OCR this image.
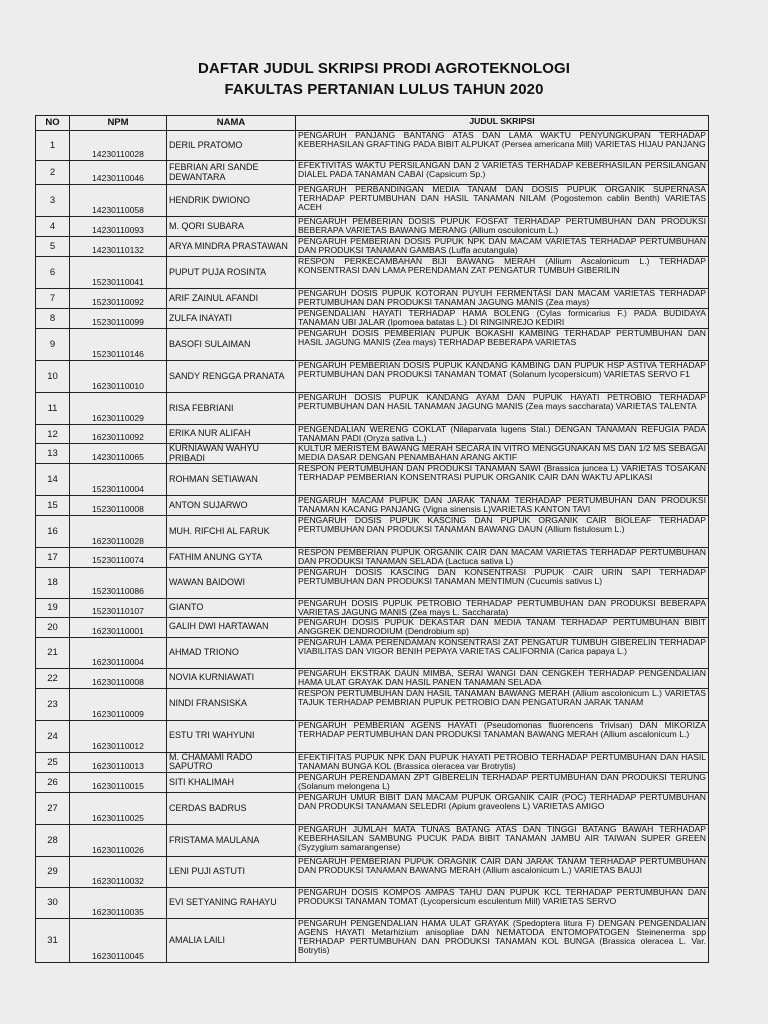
DAFTAR JUDUL SKRIPSI PRODI AGROTEKNOLOGI
FAKULTAS PERTANIAN LULUS TAHUN 2020
NO	NPM	NAMA	JUDUL SKRIPSI
1	14230110028	DERIL PRATOMO	PENGARUH PANJANG BANTANG ATAS DAN LAMA WAKTU PENYUNGKUPAN TERHADAP KEBERHASILAN GRAFTING PADA BIBIT ALPUKAT (Persea americana Mill) VARIETAS HIJAU PANJANG
2	14230110046	FEBRIAN ARI SANDE DEWANTARA	EFEKTIVITAS WAKTU PERSILANGAN DAN 2 VARIETAS TERHADAP KEBERHASILAN PERSILANGAN DIALEL PADA TANAMAN CABAI (Capsicum Sp.)
3	14230110058	HENDRIK DWIONO	PENGARUH PERBANDINGAN MEDIA TANAM DAN DOSIS PUPUK ORGANIK SUPERNASA TERHADAP PERTUMBUHAN DAN HASIL TANAMAN NILAM (Pogostemon cablin Benth) VARIETAS ACEH
4	14230110093	M. QORI SUBARA	PENGARUH PEMBERIAN DOSIS PUPUK FOSFAT TERHADAP PERTUMBUHAN DAN PRODUKSI BEBERAPA VARIETAS BAWANG MERANG (Allium osculonicum L.)
5	14230110132	ARYA MINDRA PRASTAWAN	PENGARUH PEMBERIAN DOSIS PUPUK NPK DAN MACAM VARIETAS TERHADAP PERTUMBUHAN DAN PRODUKSI TANAMAN GAMBAS (Luffa acutangula)
6	15230110041	PUPUT PUJA ROSINTA	RESPON PERKECAMBAHAN BIJI BAWANG MERAH (Allium Ascalonicum L.) TERHADAP KONSENTRASI DAN LAMA PERENDAMAN ZAT PENGATUR TUMBUH GIBERILIN
7	15230110092	ARIF ZAINUL AFANDI	PENGARUH DOSIS PUPUK KOTORAN PUYUH FERMENTASI DAN MACAM VARIETAS TERHADAP PERTUMBUHAN DAN PRODUKSI TANAMAN JAGUNG MANIS (Zea mays)
8	15230110099	ZULFA INAYATI	PENGENDALIAN HAYATI TERHADAP HAMA BOLENG (Cylas formicarius F.) PADA BUDIDAYA TANAMAN UBI JALAR (Ipomoea batatas L.) DI RINGINREJO KEDIRI
9	15230110146	BASOFI SULAIMAN	PENGARUH DOSIS PEMBERIAN PUPUK BOKASHI KAMBING TERHADAP PERTUMBUHAN DAN HASIL JAGUNG MANIS (Zea mays) TERHADAP BEBERAPA VARIETAS
10	16230110010	SANDY RENGGA PRANATA	PENGARUH PEMBERIAN DOSIS PUPUK KANDANG KAMBING DAN PUPUK HSP ASTIVA TERHADAP PERTUMBUHAN DAN PRODUKSI TANAMAN TOMAT (Solanum lycopersicum) VARIETAS SERVO F1
11	16230110029	RISA FEBRIANI	PENGARUH DOSIS PUPUK KANDANG AYAM DAN PUPUK HAYATI PETROBIO TERHADAP PERTUMBUHAN DAN HASIL TANAMAN JAGUNG MANIS (Zea mays saccharata) VARIETAS TALENTA
12	16230110092	ERIKA NUR ALIFAH	PENGENDALIAN WERENG COKLAT (Nilaparvata lugens Stal.) DENGAN TANAMAN REFUGIA PADA TANAMAN PADI (Oryza sativa L.)
13	14230110065	KURNIAWAN WAHYU PRIBADI	KULTUR MERISTEM BAWANG MERAH SECARA IN VITRO MENGGUNAKAN MS DAN 1/2 MS SEBAGAI MEDIA DASAR DENGAN PENAMBAHAN ARANG AKTIF
14	15230110004	ROHMAN SETIAWAN	RESPON PERTUMBUHAN DAN PRODUKSI TANAMAN SAWI (Brassica juncea L) VARIETAS TOSAKAN TERHADAP PEMBERIAN KONSENTRASI PUPUK ORGANIK CAIR DAN WAKTU APLIKASI
15	15230110008	ANTON SUJARWO	PENGARUH MACAM PUPUK DAN JARAK TANAM TERHADAP PERTUMBUHAN DAN PRODUKSI TANAMAN KACANG PANJANG (Vigna sinensis L)VARIETAS KANTON TAVI
16	16230110028	MUH. RIFCHI AL FARUK	PENGARUH DOSIS PUPUK KASCING DAN PUPUK ORGANIK CAIR BIOLEAF TERHADAP PERTUMBUHAN DAN PRODUKSI TANAMAN BAWANG DAUN (Allium fistulosum L.)
17	15230110074	FATHIM ANUNG GYTA	RESPON PEMBERIAN PUPUK ORGANIK CAIR DAN MACAM VARIETAS TERHADAP PERTUMBUHAN DAN PRODUKSI TANAMAN SELADA (Lactuca sativa L)
18	15230110086	WAWAN BAIDOWI	PENGARUH DOSIS KASCING DAN KONSENTRASI PUPUK CAIR URIN SAPI TERHADAP PERTUMBUHAN DAN PRODUKSI TANAMAN MENTIMUN (Cucumis sativus L)
19	15230110107	GIANTO	PENGARUH DOSIS PUPUK PETROBIO TERHADAP PERTUMBUHAN DAN PRODUKSI BEBERAPA VARIETAS JAGUNG MANIS (Zea mays L. Saccharata)
20	16230110001	GALIH DWI HARTAWAN	PENGARUH DOSIS PUPUK DEKASTAR DAN MEDIA TANAM TERHADAP PERTUMBUHAN BIBIT ANGGREK DENDRODIUM (Dendrobium sp)
21	16230110004	AHMAD TRIONO	PENGARUH LAMA PERENDAMAN KONSENTRASI ZAT PENGATUR TUMBUH GIBERELIN TERHADAP VIABILITAS DAN VIGOR BENIH PEPAYA VARIETAS CALIFORNIA (Carica papaya L.)
22	16230110008	NOVIA KURNIAWATI	PENGARUH EKSTRAK DAUN MIMBA, SERAI WANGI DAN CENGKEH TERHADAP PENGENDALIAN HAMA ULAT GRAYAK DAN HASIL PANEN TANAMAN SELADA
23	16230110009	NINDI FRANSISKA	RESPON PERTUMBUHAN DAN HASIL TANAMAN BAWANG MERAH (Allium ascolonicum L.) VARIETAS TAJUK TERHADAP PEMBRIAN PUPUK PETROBIO DAN PENGATURAN JARAK TANAM
24	16230110012	ESTU TRI WAHYUNI	PENGARUH PEMBERIAN AGENS HAYATI (Pseudomonas fluorencens Trivisan) DAN MIKORIZA TERHADAP PERTUMBUHAN DAN PRODUKSI TANAMAN BAWANG MERAH (Allium ascalonicum L.)
25	16230110013	M. CHAMAMI RADO SAPUTRO	EFEKTIFITAS PUPUK NPK DAN PUPUK HAYATI PETROBIO TERHADAP PERTUMBUHAN DAN HASIL TANAMAN BUNGA KOL (Brassica oleracea var Brotrytis)
26	16230110015	SITI KHALIMAH	PENGARUH PERENDAMAN ZPT GIBERELIN TERHADAP PERTUMBUHAN DAN PRODUKSI TERUNG (Solanum melongena L)
27	16230110025	CERDAS BADRUS	PENGARUH UMUR BIBIT DAN MACAM PUPUK ORGANIK CAIR (POC) TERHADAP PERTUMBUHAN DAN PRODUKSI TANAMAN SELEDRI (Apium graveolens L) VARIETAS AMIGO
28	16230110026	FRISTAMA MAULANA	PENGARUH JUMLAH MATA TUNAS BATANG ATAS DAN TINGGI BATANG BAWAH TERHADAP KEBERHASILAN SAMBUNG PUCUK PADA BIBIT TANAMAN JAMBU AIR TAIWAN SUPER GREEN (Syzygium samarangense)
29	16230110032	LENI PUJI ASTUTI	PENGARUH PEMBERIAN PUPUK ORAGNIK CAIR DAN JARAK TANAM TERHADAP PERTUMBUHAN DAN PRODUKSI TANAMAN BAWANG MERAH (Allium ascalonicum L.) VARIETAS BAUJI
30	16230110035	EVI SETYANING RAHAYU	PENGARUH DOSIS KOMPOS AMPAS TAHU DAN PUPUK KCL TERHADAP PERTUMBUHAN DAN PRODUKSI TANAMAN TOMAT (Lycopersicum esculentum Mill) VARIETAS SERVO
31	16230110045	AMALIA LAILI	PENGARUH PENGENDALIAN HAMA ULAT GRAYAK (Spedoptera litura F) DENGAN PENGENDALIAN AGENS HAYATI Metarhizium anisopliae DAN NEMATODA ENTOMOPATOGEN Steinenerma spp TERHADAP PERTUMBUHAN DAN PRODUKSI TANAMAN KOL BUNGA (Brassica oleracea L. Var. Botrytis)
